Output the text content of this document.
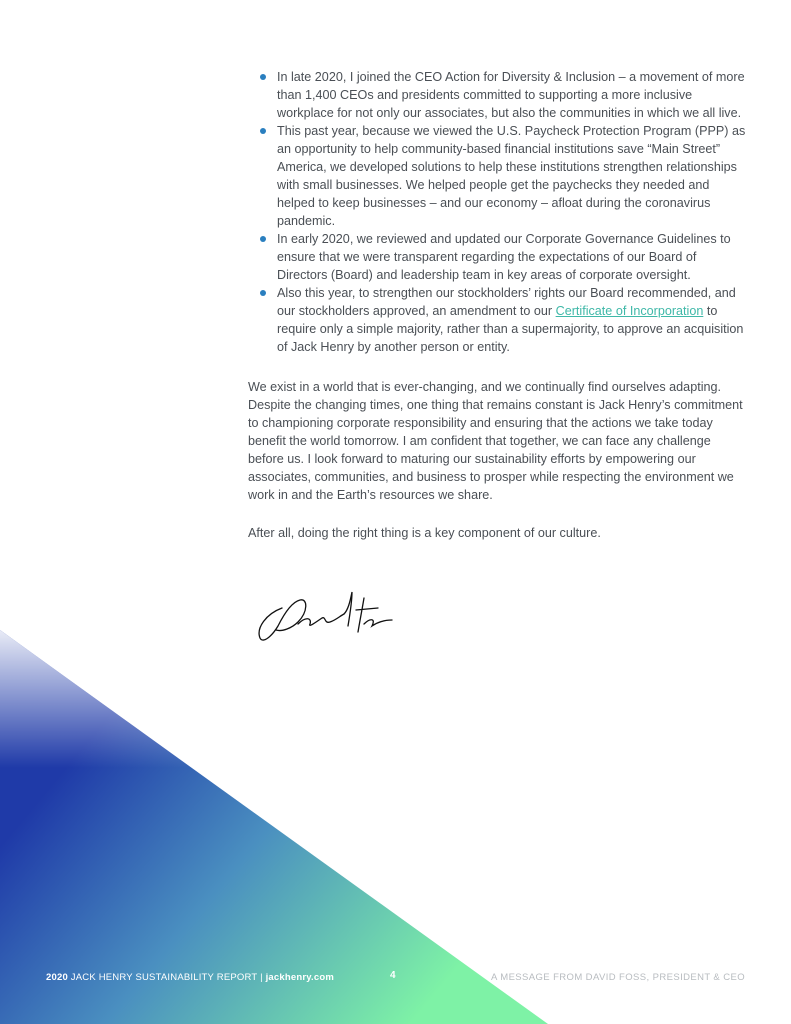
In late 2020, I joined the CEO Action for Diversity & Inclusion – a movement of more than 1,400 CEOs and presidents committed to supporting a more inclusive workplace for not only our associates, but also the communities in which we all live.
This past year, because we viewed the U.S. Paycheck Protection Program (PPP) as an opportunity to help community-based financial institutions save “Main Street” America, we developed solutions to help these institutions strengthen relationships with small businesses. We helped people get the paychecks they needed and helped to keep businesses – and our economy – afloat during the coronavirus pandemic.
In early 2020, we reviewed and updated our Corporate Governance Guidelines to ensure that we were transparent regarding the expectations of our Board of Directors (Board) and leadership team in key areas of corporate oversight.
Also this year, to strengthen our stockholders’ rights our Board recommended, and our stockholders approved, an amendment to our Certificate of Incorporation to require only a simple majority, rather than a supermajority, to approve an acquisition of Jack Henry by another person or entity.

We exist in a world that is ever-changing, and we continually find ourselves adapting. Despite the changing times, one thing that remains constant is Jack Henry’s commitment to championing corporate responsibility and ensuring that the actions we take today benefit the world tomorrow. I am confident that together, we can face any challenge before us. I look forward to maturing our sustainability efforts by empowering our associates, communities, and business to prosper while respecting the environment we work in and the Earth’s resources we share.

After all, doing the right thing is a key component of our culture.

2020 JACK HENRY SUSTAINABILITY REPORT | jackhenry.com	4	A MESSAGE FROM DAVID FOSS, PRESIDENT & CEO
